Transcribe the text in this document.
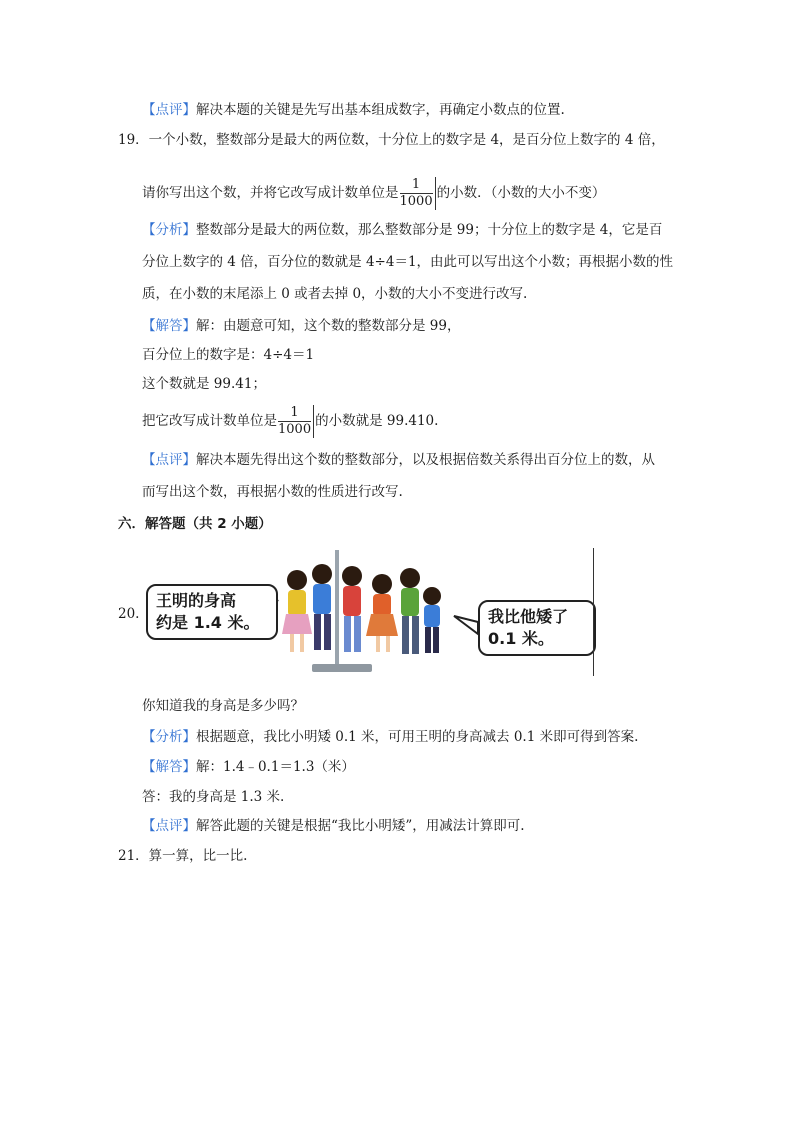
【点评】解决本题的关键是先写出基本组成数字，再确定小数点的位置.
19．一个小数，整数部分是最大的两位数，十分位上的数字是 4，是百分位上数字的 4 倍，
请你写出这个数，并将它改写成计数单位是 $\frac{1}{1000}$ 的小数．（小数的大小不变）
【分析】整数部分是最大的两位数，那么整数部分是 99；十分位上的数字是 4，它是百
分位上数字的 4 倍，百分位的数就是 4÷4＝1，由此可以写出这个小数；再根据小数的性
质，在小数的末尾添上 0 或者去掉 0，小数的大小不变进行改写.
【解答】解：由题意可知，这个数的整数部分是 99，
百分位上的数字是：4÷4＝1
这个数就是 99.41；
把它改写成计数单位是 $\frac{1}{1000}$ 的小数就是 99.410.
【点评】解决本题先得出这个数的整数部分，以及根据倍数关系得出百分位上的数，从
而写出这个数，再根据小数的性质进行改写.
六．解答题（共 2 小题）
20.
王明的身高
约是 1.4 米。	我比他矮了
0.1 米。
你知道我的身高是多少吗？
【分析】根据题意，我比小明矮 0.1 米，可用王明的身高减去 0.1 米即可得到答案.
【解答】解：1.4﹣0.1＝1.3（米）
答：我的身高是 1.3 米.
【点评】解答此题的关键是根据“我比小明矮”，用减法计算即可.
21．算一算，比一比.
